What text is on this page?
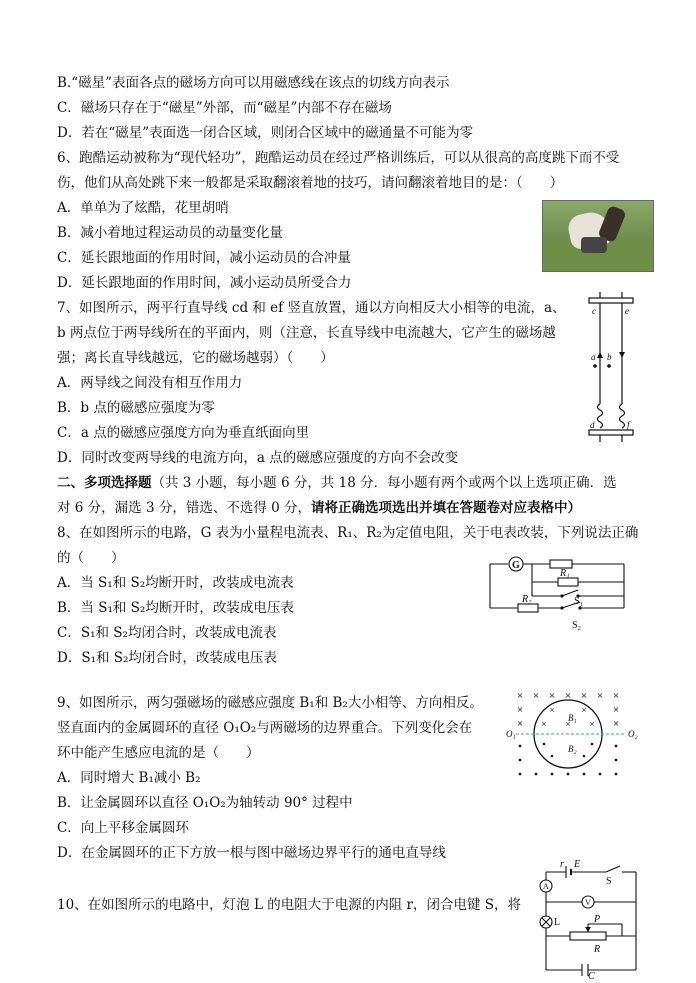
B.“磁星”表面各点的磁场方向可以用磁感线在该点的切线方向表示
C．磁场只存在于“磁星”外部，而“磁星”内部不存在磁场
D．若在“磁星”表面选一闭合区域，则闭合区域中的磁通量不可能为零
6、跑酷运动被称为“现代轻功”，跑酷运动员在经过严格训练后，可以从很高的高度跳下而不受
伤，他们从高处跳下来一般都是采取翻滚着地的技巧，请问翻滚着地目的是：（　　）
A．单单为了炫酷，花里胡哨
B．减小着地过程运动员的动量变化量
C．延长跟地面的作用时间，减小运动员的合冲量
D．延长跟地面的作用时间，减小运动员所受合力
7、如图所示，两平行直导线 cd 和 ef 竖直放置，通以方向相反大小相等的电流，a、
b 两点位于两导线所在的平面内，则（注意，长直导线中电流越大，它产生的磁场越
强；离长直导线越远，它的磁场越弱）（　　）
A．两导线之间没有相互作用力
B．b 点的磁感应强度为零
C．a 点的磁感应强度方向为垂直纸面向里
D．同时改变两导线的电流方向，a 点的磁感应强度的方向不会改变
二、多项选择题（共 3 小题，每小题 6 分，共 18 分．每小题有两个或两个以上选项正确．选
对 6 分，漏选 3 分，错选、不选得 0 分，请将正确选项选出并填在答题卷对应表格中）
8、在如图所示的电路，G 表为小量程电流表、R₁、R₂为定值电阻，关于电表改装，下列说法正确
的（　　）
A．当 S₁和 S₂均断开时，改装成电流表
B．当 S₁和 S₂均断开时，改装成电压表
C．S₁和 S₂均闭合时，改装成电流表
D．S₁和 S₂均闭合时，改装成电压表
9、如图所示，两匀强磁场的磁感应强度 B₁和 B₂大小相等、方向相反。
竖直面内的金属圆环的直径 O₁O₂与两磁场的边界重合。下列变化会在
环中能产生感应电流的是（　　）
A．同时增大 B₁减小 B₂
B．让金属圆环以直径 O₁O₂为轴转动 90° 过程中
C．向上平移金属圆环
D．在金属圆环的正下方放一根与图中磁场边界平行的通电直导线
10、在如图所示的电路中，灯泡 L 的电阻大于电源的内阻 r，闭合电键 S，将
c	e
a b
d	f
G
R₁
R₂	S₁
S₂
× × × × × × ×
×	×
×	×
×	×
×	×	×
O₁	O₂
B₁
B₂
r E
S
A
V
L	P
R
C
